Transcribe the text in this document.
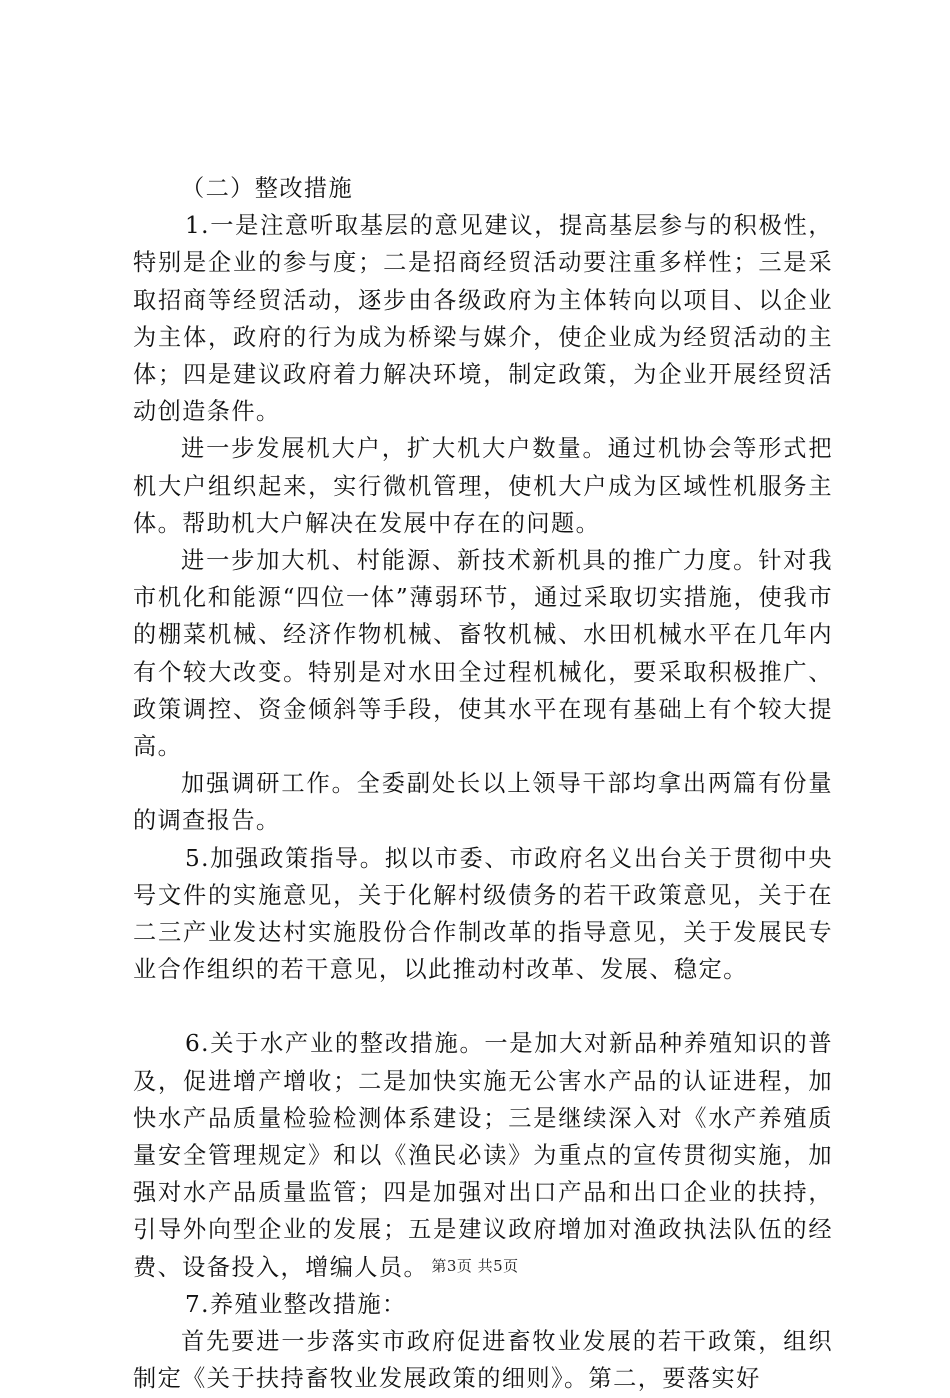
（二）整改措施

1.一是注意听取基层的意见建议，提高基层参与的积极性，特别是企业的参与度；二是招商经贸活动要注重多样性；三是采取招商等经贸活动，逐步由各级政府为主体转向以项目、以企业为主体，政府的行为成为桥梁与媒介，使企业成为经贸活动的主体；四是建议政府着力解决环境，制定政策，为企业开展经贸活动创造条件。

进一步发展机大户，扩大机大户数量。通过机协会等形式把机大户组织起来，实行微机管理，使机大户成为区域性机服务主体。帮助机大户解决在发展中存在的问题。

进一步加大机、村能源、新技术新机具的推广力度。针对我市机化和能源“四位一体”薄弱环节，通过采取切实措施，使我市的棚菜机械、经济作物机械、畜牧机械、水田机械水平在几年内有个较大改变。特别是对水田全过程机械化，要采取积极推广、政策调控、资金倾斜等手段，使其水平在现有基础上有个较大提高。

加强调研工作。全委副处长以上领导干部均拿出两篇有份量的调查报告。

5.加强政策指导。拟以市委、市政府名义出台关于贯彻中央号文件的实施意见，关于化解村级债务的若干政策意见，关于在二三产业发达村实施股份合作制改革的指导意见，关于发展民专业合作组织的若干意见，以此推动村改革、发展、稳定。

6.关于水产业的整改措施。一是加大对新品种养殖知识的普及，促进增产增收；二是加快实施无公害水产品的认证进程，加快水产品质量检验检测体系建设；三是继续深入对《水产养殖质量安全管理规定》和以《渔民必读》为重点的宣传贯彻实施，加强对水产品质量监管；四是加强对出口产品和出口企业的扶持，引导外向型企业的发展；五是建议政府增加对渔政执法队伍的经费、设备投入，增编人员。

7.养殖业整改措施：

首先要进一步落实市政府促进畜牧业发展的若干政策，组织制定《关于扶持畜牧业发展政策的细则》。第二，要落实好

第3页 共5页
